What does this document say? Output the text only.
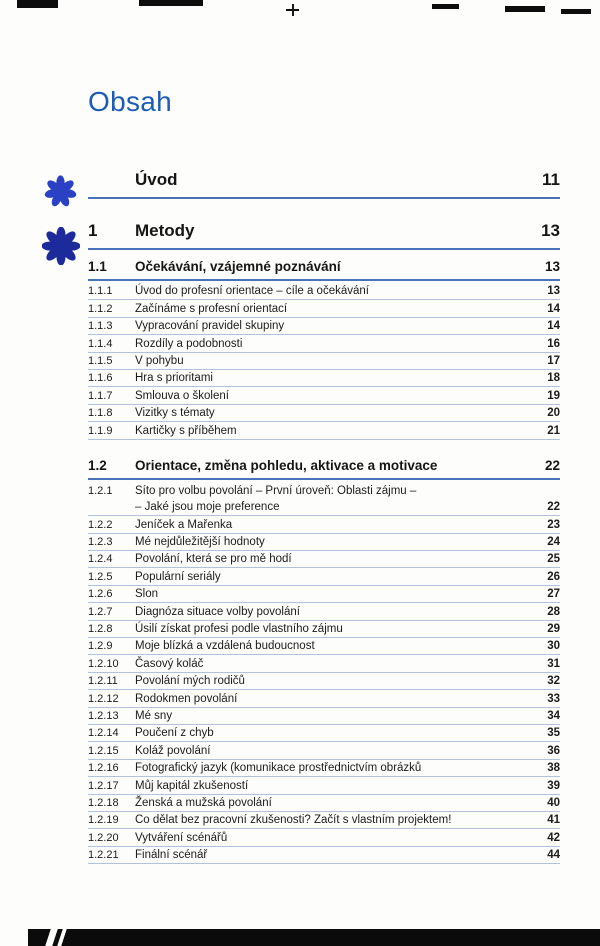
Obsah
Úvod	11
1	Metody	13
1.1	Očekávání, vzájemné poznávání	13
1.1.1	Úvod do profesní orientace – cíle a očekávání	13
1.1.2	Začínáme s profesní orientací	14
1.1.3	Vypracování pravidel skupiny	14
1.1.4	Rozdíly a podobnosti	16
1.1.5	V pohybu	17
1.1.6	Hra s prioritami	18
1.1.7	Smlouva o školení	19
1.1.8	Vizitky s tématy	20
1.1.9	Kartičky s příběhem	21
1.2	Orientace, změna pohledu, aktivace a motivace	22
1.2.1	Síto pro volbu povolání – První úroveň: Oblasti zájmu –
– Jaké jsou moje preference	22
1.2.2	Jeníček a Mařenka	23
1.2.3	Mé nejdůležitější hodnoty	24
1.2.4	Povolání, která se pro mě hodí	25
1.2.5	Populární seriály	26
1.2.6	Slon	27
1.2.7	Diagnóza situace volby povolání	28
1.2.8	Úsilí získat profesi podle vlastního zájmu	29
1.2.9	Moje blízká a vzdálená budoucnost	30
1.2.10	Časový koláč	31
1.2.11	Povolání mých rodičů	32
1.2.12	Rodokmen povolání	33
1.2.13	Mé sny	34
1.2.14	Poučení z chyb	35
1.2.15	Koláž povolání	36
1.2.16	Fotografický jazyk (komunikace prostřednictvím obrázků	38
1.2.17	Můj kapitál zkušeností	39
1.2.18	Ženská a mužská povolání	40
1.2.19	Co dělat bez pracovní zkušenosti? Začít s vlastním projektem!	41
1.2.20	Vytváření scénářů	42
1.2.21	Finální scénář	44
